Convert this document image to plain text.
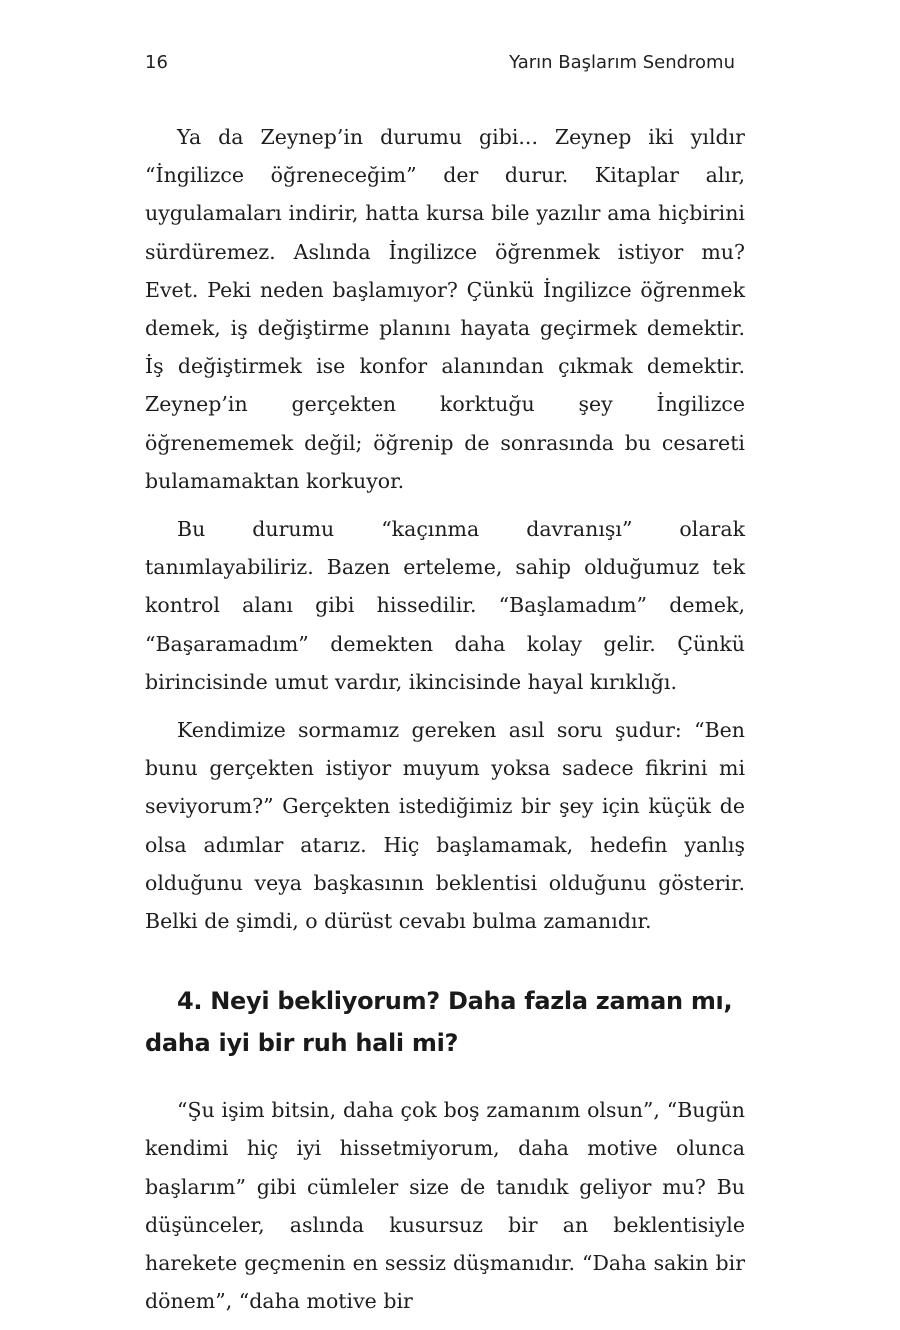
16	Yarın Başlarım Sendromu

Ya da Zeynep’in durumu gibi... Zeynep iki yıldır “İngilizce öğreneceğim” der durur. Kitaplar alır, uygulamaları indirir, hatta kursa bile yazılır ama hiçbirini sürdüremez. Aslında İngilizce öğrenmek istiyor mu? Evet. Peki neden başlamıyor? Çünkü İngilizce öğrenmek demek, iş değiştirme planını hayata geçirmek demektir. İş değiştirmek ise konfor alanından çıkmak demektir. Zeynep’in gerçekten korktuğu şey İngilizce öğrenememek değil; öğrenip de sonrasında bu cesareti bulamamaktan korkuyor.

Bu durumu “kaçınma davranışı” olarak tanımlayabiliriz. Bazen erteleme, sahip olduğumuz tek kontrol alanı gibi hissedilir. “Başlamadım” demek, “Başaramadım” demekten daha kolay gelir. Çünkü birincisinde umut vardır, ikincisinde hayal kırıklığı.

Kendimize sormamız gereken asıl soru şudur: “Ben bunu gerçekten istiyor muyum yoksa sadece fikrini mi seviyorum?” Gerçekten istediğimiz bir şey için küçük de olsa adımlar atarız. Hiç başlamamak, hedefin yanlış olduğunu veya başkasının beklentisi olduğunu gösterir. Belki de şimdi, o dürüst cevabı bulma zamanıdır.

4. Neyi bekliyorum? Daha fazla zaman mı, daha iyi bir ruh hali mi?

“Şu işim bitsin, daha çok boş zamanım olsun”, “Bugün kendimi hiç iyi hissetmiyorum, daha motive olunca başlarım” gibi cümleler size de tanıdık geliyor mu? Bu düşünceler, aslında kusursuz bir an beklentisiyle harekete geçmenin en sessiz düşmanıdır. “Daha sakin bir dönem”, “daha motive bir
